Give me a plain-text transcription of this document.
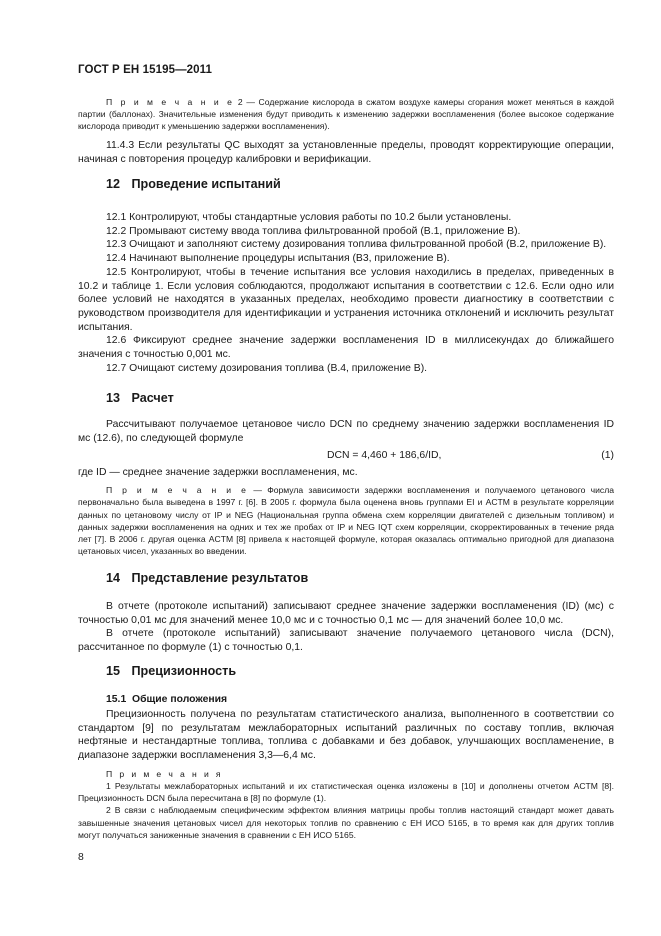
ГОСТ Р ЕН 15195—2011

П р и м е ч а н и е 2 — Содержание кислорода в сжатом воздухе камеры сгорания может меняться в каждой партии (баллонах). Значительные изменения будут приводить к изменению задержки воспламенения (более высокое содержание кислорода приводит к уменьшению задержки воспламенения).

11.4.3 Если результаты QC выходят за установленные пределы, проводят корректирующие операции, начиная с повторения процедур калибровки и верификации.

12 Проведение испытаний

12.1 Контролируют, чтобы стандартные условия работы по 10.2 были установлены.

12.2 Промывают систему ввода топлива фильтрованной пробой (В.1, приложение В).

12.3 Очищают и заполняют систему дозирования топлива фильтрованной пробой (В.2, приложение В).

12.4 Начинают выполнение процедуры испытания (В3, приложение В).

12.5 Контролируют, чтобы в течение испытания все условия находились в пределах, приведенных в 10.2 и таблице 1. Если условия соблюдаются, продолжают испытания в соответствии с 12.6. Если одно или более условий не находятся в указанных пределах, необходимо провести диагностику в соответствии с руководством производителя для идентификации и устранения источника отклонений и исключить результат испытания.

12.6 Фиксируют среднее значение задержки воспламенения ID в миллисекундах до ближайшего значения с точностью 0,001 мс.

12.7 Очищают систему дозирования топлива (В.4, приложение В).

13 Расчет

Рассчитывают получаемое цетановое число DCN по среднему значению задержки воспламенения ID мс (12.6), по следующей формуле

DCN = 4,460 + 186,6/ID,	(1)

где ID — среднее значение задержки воспламенения, мс.

П р и м е ч а н и е — Формула зависимости задержки воспламенения и получаемого цетанового числа первоначально была выведена в 1997 г. [6]. В 2005 г. формула была оценена вновь группами EI и ACTM в результате корреляции данных по цетановому числу от IP и NEG (Национальная группа обмена схем корреляции двигателей с дизельным топливом) и данных задержки воспламенения на одних и тех же пробах от IP и NEG IQT схем корреляции, скорректированных в течение ряда лет [7]. В 2006 г. другая оценка ACTM [8] привела к настоящей формуле, которая оказалась оптимально пригодной для диапазона цетановых чисел, указанных во введении.

14 Представление результатов

В отчете (протоколе испытаний) записывают среднее значение задержки воспламенения (ID) (мс) с точностью 0,01 мс для значений менее 10,0 мс и с точностью 0,1 мс — для значений более 10,0 мс.

В отчете (протоколе испытаний) записывают значение получаемого цетанового числа (DCN), рассчитанное по формуле (1) с точностью 0,1.

15 Прецизионность

15.1 Общие положения

Прецизионность получена по результатам статистического анализа, выполненного в соответствии со стандартом [9] по результатам межлабораторных испытаний различных по составу топлив, включая нефтяные и нестандартные топлива, топлива с добавками и без добавок, улучшающих воспламенение, в диапазоне задержки воспламенения 3,3—6,4 мс.

П р и м е ч а н и я

1 Результаты межлабораторных испытаний и их статистическая оценка изложены в [10] и дополнены отчетом ACTM [8]. Прецизионность DCN была пересчитана в [8] по формуле (1).

2 В связи с наблюдаемым специфическим эффектом влияния матрицы пробы топлив настоящий стандарт может давать завышенные значения цетановых чисел для некоторых топлив по сравнению с ЕН ИСО 5165, в то время как для других топлив могут получаться заниженные значения в сравнении с ЕН ИСО 5165.

8
